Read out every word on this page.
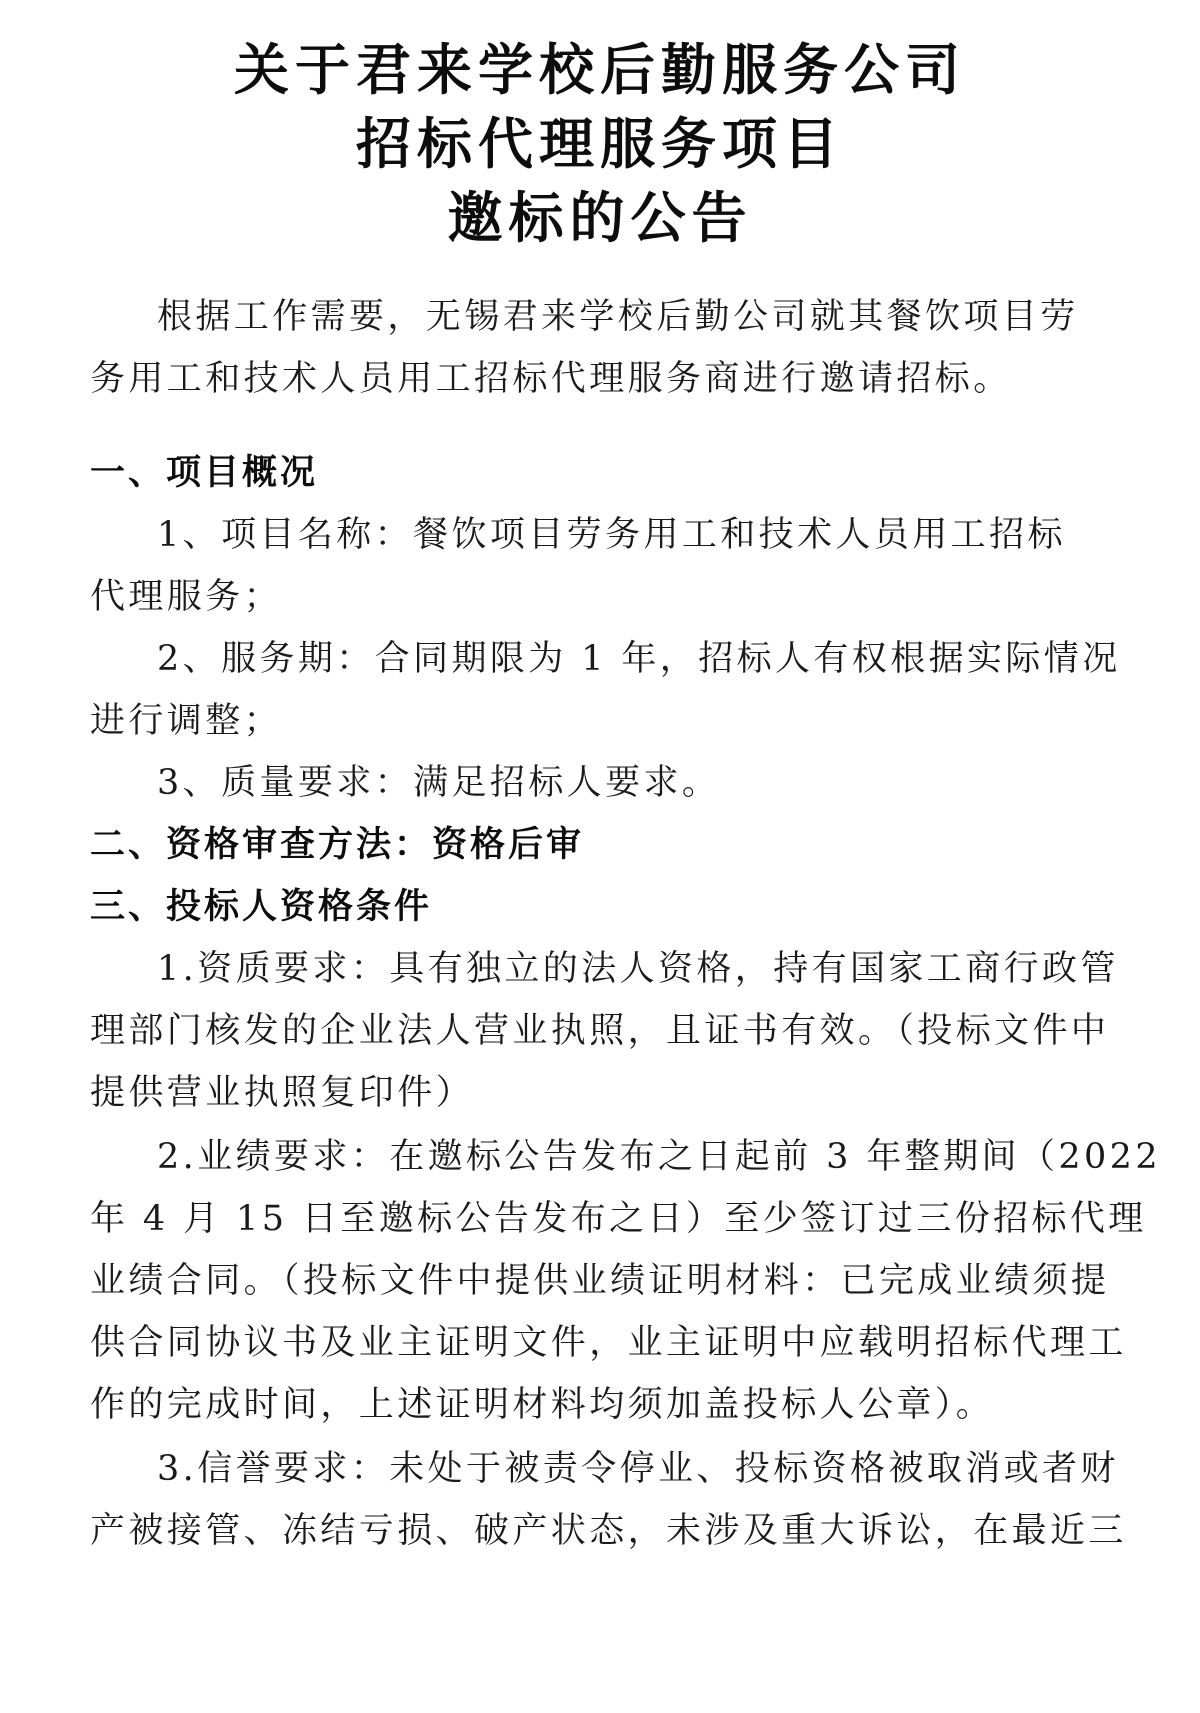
关于君来学校后勤服务公司
招标代理服务项目
邀标的公告
根据工作需要，无锡君来学校后勤公司就其餐饮项目劳
务用工和技术人员用工招标代理服务商进行邀请招标。
一、项目概况
1、项目名称：餐饮项目劳务用工和技术人员用工招标
代理服务；
2、服务期：合同期限为 1 年，招标人有权根据实际情况
进行调整；
3、质量要求：满足招标人要求。
二、资格审查方法：资格后审
三、投标人资格条件
1.资质要求：具有独立的法人资格，持有国家工商行政管
理部门核发的企业法人营业执照，且证书有效。（投标文件中
提供营业执照复印件）
2.业绩要求：在邀标公告发布之日起前 3 年整期间（2022
年 4 月 15 日至邀标公告发布之日）至少签订过三份招标代理
业绩合同。（投标文件中提供业绩证明材料：已完成业绩须提
供合同协议书及业主证明文件，业主证明中应载明招标代理工
作的完成时间，上述证明材料均须加盖投标人公章）。
3.信誉要求：未处于被责令停业、投标资格被取消或者财
产被接管、冻结亏损、破产状态，未涉及重大诉讼，在最近三
